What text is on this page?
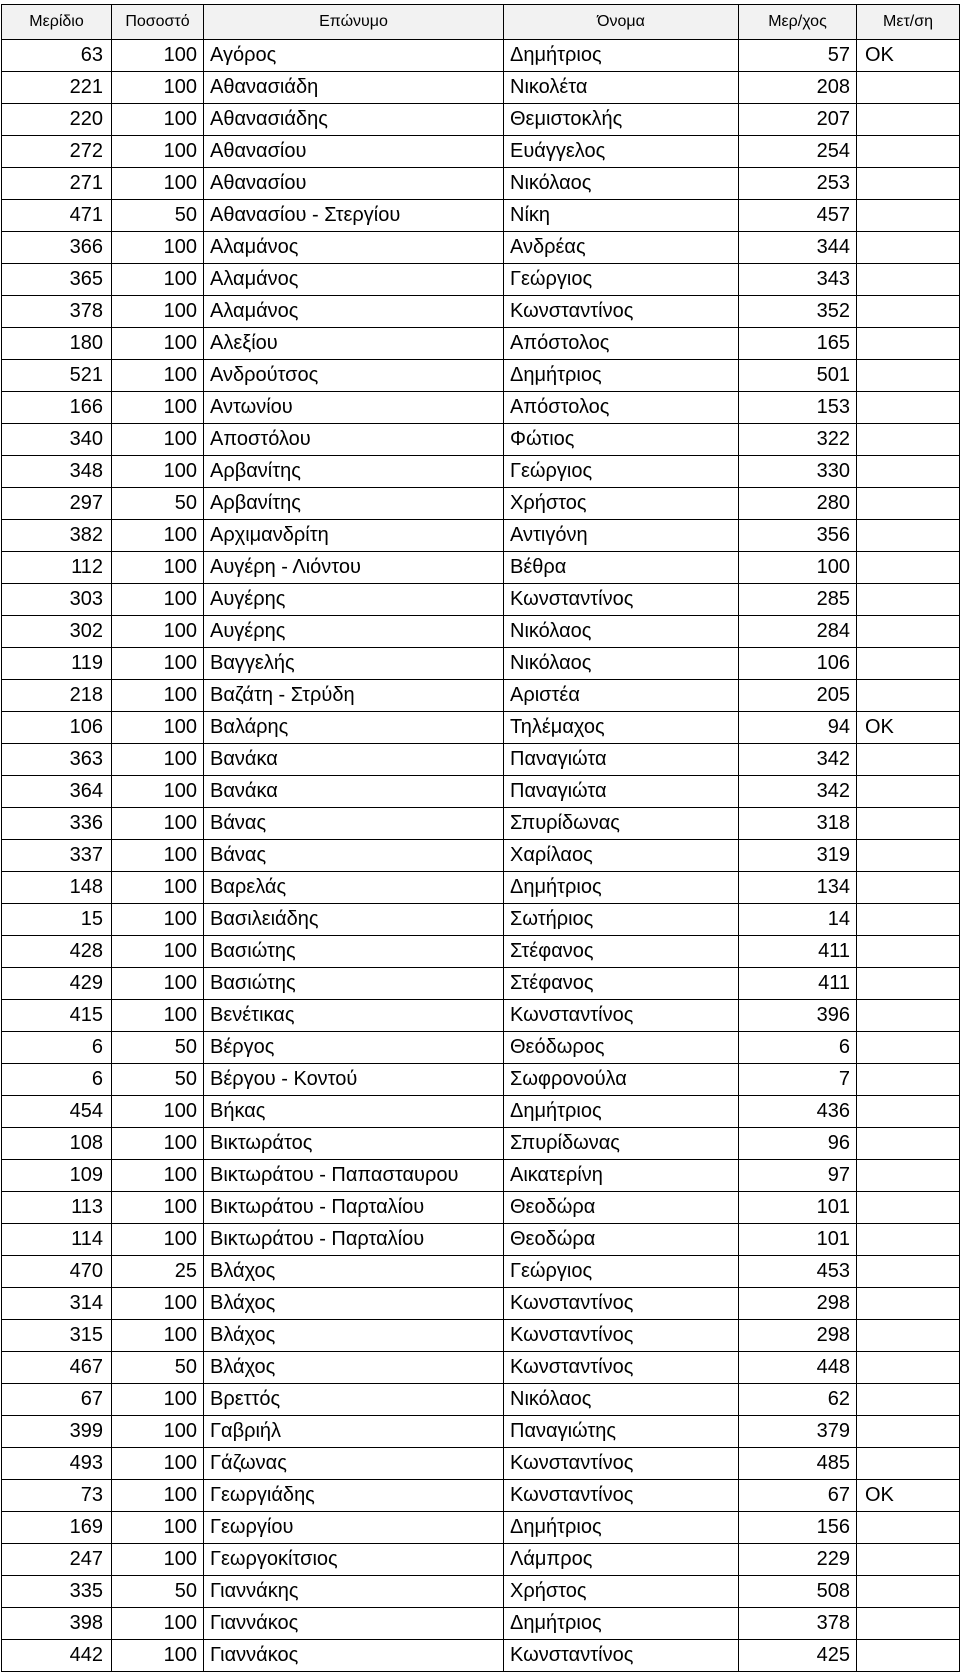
Μερίδιο	Ποσοστό	Επώνυμο	Όνομα	Μερ/χος	Μετ/ση
63	100	Αγόρος	Δημήτριος	57	OK
221	100	Αθανασιάδη	Νικολέτα	208	
220	100	Αθανασιάδης	Θεμιστοκλής	207	
272	100	Αθανασίου	Ευάγγελος	254	
271	100	Αθανασίου	Νικόλαος	253	
471	50	Αθανασίου - Στεργίου	Νίκη	457	
366	100	Αλαμάνος	Ανδρέας	344	
365	100	Αλαμάνος	Γεώργιος	343	
378	100	Αλαμάνος	Κωνσταντίνος	352	
180	100	Αλεξίου	Απόστολος	165	
521	100	Ανδρούτσος	Δημήτριος	501	
166	100	Αντωνίου	Απόστολος	153	
340	100	Αποστόλου	Φώτιος	322	
348	100	Αρβανίτης	Γεώργιος	330	
297	50	Αρβανίτης	Χρήστος	280	
382	100	Αρχιμανδρίτη	Αντιγόνη	356	
112	100	Αυγέρη - Λιόντου	Βέθρα	100	
303	100	Αυγέρης	Κωνσταντίνος	285	
302	100	Αυγέρης	Νικόλαος	284	
119	100	Βαγγελής	Νικόλαος	106	
218	100	Βαζάτη - Στρύδη	Αριστέα	205	
106	100	Βαλάρης	Τηλέμαχος	94	OK
363	100	Βανάκα	Παναγιώτα	342	
364	100	Βανάκα	Παναγιώτα	342	
336	100	Βάνας	Σπυρίδωνας	318	
337	100	Βάνας	Χαρίλαος	319	
148	100	Βαρελάς	Δημήτριος	134	
15	100	Βασιλειάδης	Σωτήριος	14	
428	100	Βασιώτης	Στέφανος	411	
429	100	Βασιώτης	Στέφανος	411	
415	100	Βενέτικας	Κωνσταντίνος	396	
6	50	Βέργος	Θεόδωρος	6	
6	50	Βέργου - Κοντού	Σωφρονούλα	7	
454	100	Βήκας	Δημήτριος	436	
108	100	Βικτωράτος	Σπυρίδωνας	96	
109	100	Βικτωράτου - Παπασταυρου	Αικατερίνη	97	
113	100	Βικτωράτου - Παρταλίου	Θεοδώρα	101	
114	100	Βικτωράτου - Παρταλίου	Θεοδώρα	101	
470	25	Βλάχος	Γεώργιος	453	
314	100	Βλάχος	Κωνσταντίνος	298	
315	100	Βλάχος	Κωνσταντίνος	298	
467	50	Βλάχος	Κωνσταντίνος	448	
67	100	Βρεττός	Νικόλαος	62	
399	100	Γαβριήλ	Παναγιώτης	379	
493	100	Γάζωνας	Κωνσταντίνος	485	
73	100	Γεωργιάδης	Κωνσταντίνος	67	OK
169	100	Γεωργίου	Δημήτριος	156	
247	100	Γεωργοκίτσιος	Λάμπρος	229	
335	50	Γιαννάκης	Χρήστος	508	
398	100	Γιαννάκος	Δημήτριος	378	
442	100	Γιαννάκος	Κωνσταντίνος	425	
